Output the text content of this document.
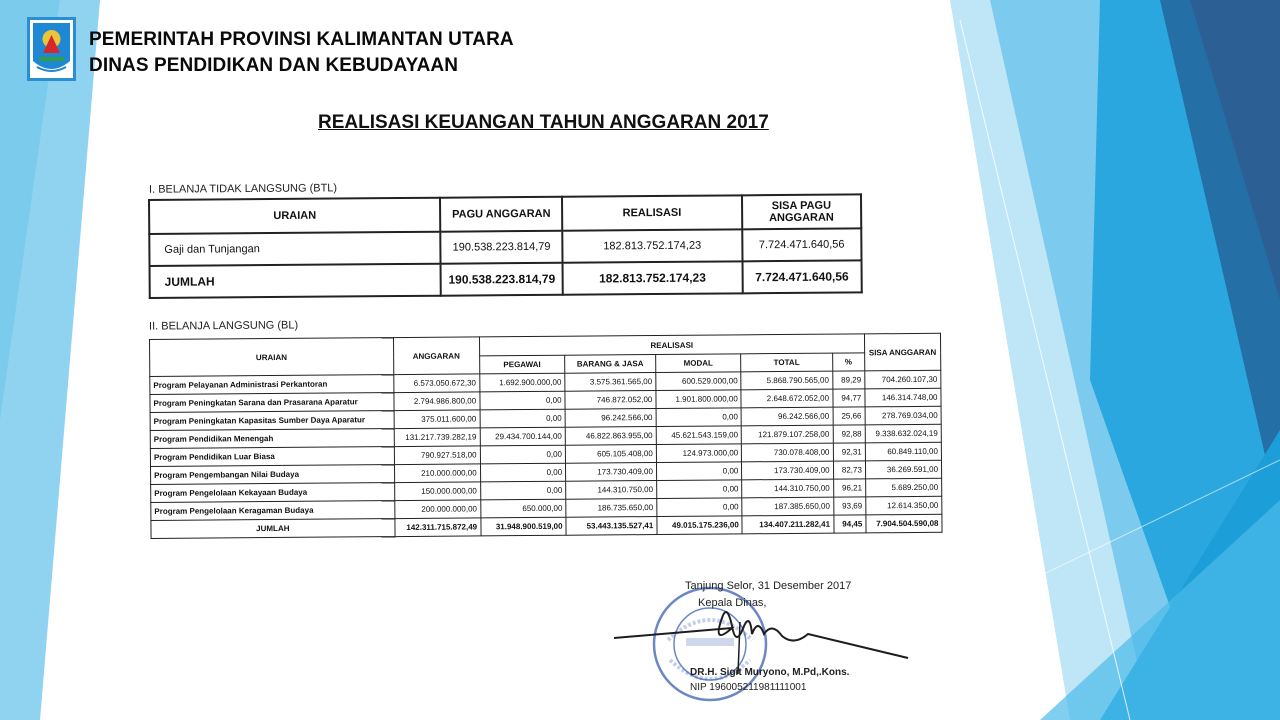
PEMERINTAH PROVINSI KALIMANTAN UTARA
DINAS PENDIDIKAN DAN KEBUDAYAAN
REALISASI KEUANGAN TAHUN ANGGARAN 2017
I. BELANJA TIDAK LANGSUNG (BTL)
URAIAN	PAGU ANGGARAN	REALISASI	SISA PAGU ANGGARAN
Gaji dan Tunjangan	190.538.223.814,79	182.813.752.174,23	7.724.471.640,56
JUMLAH	190.538.223.814,79	182.813.752.174,23	7.724.471.640,56
II. BELANJA LANGSUNG (BL)
URAIAN	ANGGARAN	REALISASI					SISA ANGGARAN
		PEGAWAI	BARANG & JASA	MODAL	TOTAL	%	
Program Pelayanan Administrasi Perkantoran	6.573.050.672,30	1.692.900.000,00	3.575.361.565,00	600.529.000,00	5.868.790.565,00	89,29	704.260.107,30
Program Peningkatan Sarana dan Prasarana Aparatur	2.794.986.800,00	0,00	746.872.052,00	1.901.800.000,00	2.648.672.052,00	94,77	146.314.748,00
Program Peningkatan Kapasitas Sumber Daya Aparatur	375.011.600,00	0,00	96.242.566,00	0,00	96.242.566,00	25,66	278.769.034,00
Program Pendidikan Menengah	131.217.739.282,19	29.434.700.144,00	46.822.863.955,00	45.621.543.159,00	121.879.107.258,00	92,88	9.338.632.024,19
Program Pendidikan Luar Biasa	790.927.518,00	0,00	605.105.408,00	124.973.000,00	730.078.408,00	92,31	60.849.110,00
Program Pengembangan Nilai Budaya	210.000.000,00	0,00	173.730.409,00	0,00	173.730.409,00	82,73	36.269.591,00
Program Pengelolaan Kekayaan Budaya	150.000.000,00	0,00	144.310.750,00	0,00	144.310.750,00	96,21	5.689.250,00
Program Pengelolaan Keragaman Budaya	200.000.000,00	650.000,00	186.735.650,00	0,00	187.385.650,00	93,69	12.614.350,00
JUMLAH	142.311.715.872,49	31.948.900.519,00	53.443.135.527,41	49.015.175.236,00	134.407.211.282,41	94,45	7.904.504.590,08
Tanjung Selor, 31 Desember 2017
Kepala Dinas,
DR.H. Sigit Muryono, M.Pd,.Kons.
NIP 196005211981111001
